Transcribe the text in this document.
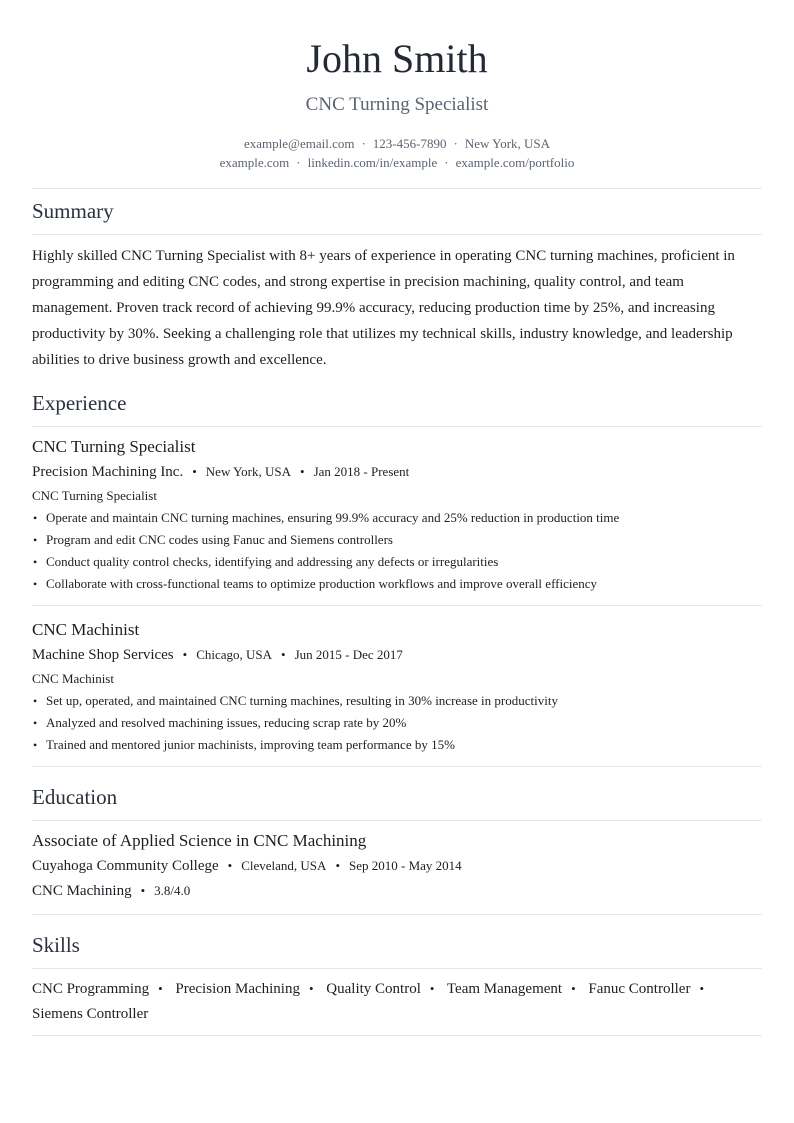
John Smith
CNC Turning Specialist
example@email.com · 123-456-7890 · New York, USA
example.com · linkedin.com/in/example · example.com/portfolio
Summary
Highly skilled CNC Turning Specialist with 8+ years of experience in operating CNC turning machines, proficient in programming and editing CNC codes, and strong expertise in precision machining, quality control, and team management. Proven track record of achieving 99.9% accuracy, reducing production time by 25%, and increasing productivity by 30%. Seeking a challenging role that utilizes my technical skills, industry knowledge, and leadership abilities to drive business growth and excellence.
Experience
CNC Turning Specialist
Precision Machining Inc. • New York, USA • Jan 2018 - Present
CNC Turning Specialist
• Operate and maintain CNC turning machines, ensuring 99.9% accuracy and 25% reduction in production time
• Program and edit CNC codes using Fanuc and Siemens controllers
• Conduct quality control checks, identifying and addressing any defects or irregularities
• Collaborate with cross-functional teams to optimize production workflows and improve overall efficiency
CNC Machinist
Machine Shop Services • Chicago, USA • Jun 2015 - Dec 2017
CNC Machinist
• Set up, operated, and maintained CNC turning machines, resulting in 30% increase in productivity
• Analyzed and resolved machining issues, reducing scrap rate by 20%
• Trained and mentored junior machinists, improving team performance by 15%
Education
Associate of Applied Science in CNC Machining
Cuyahoga Community College • Cleveland, USA • Sep 2010 - May 2014
CNC Machining • 3.8/4.0
Skills
CNC Programming • Precision Machining • Quality Control • Team Management • Fanuc Controller • Siemens Controller
